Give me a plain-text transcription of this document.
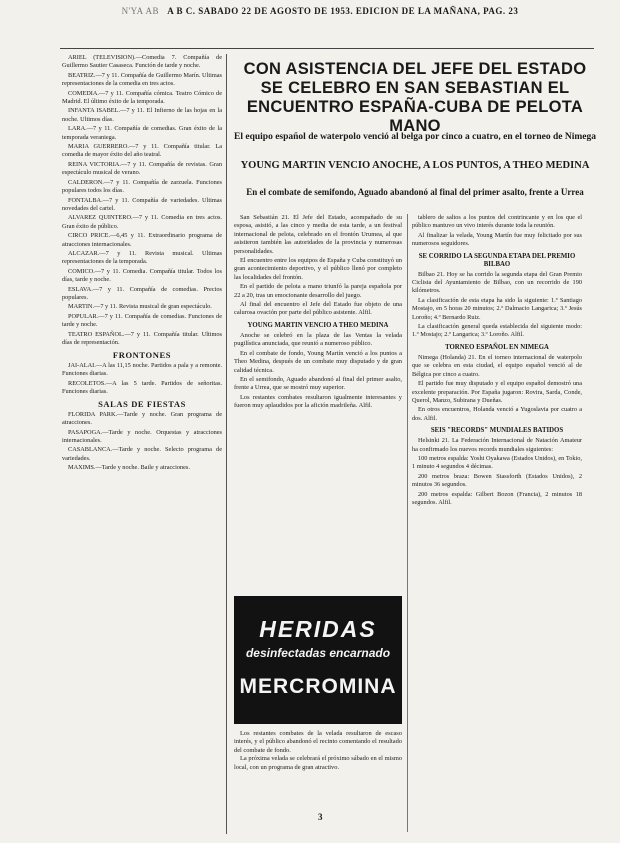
N'YA AB A B C. SABADO 22 DE AGOSTO DE 1953. EDICION DE LA MAÑANA, PAG. 23

ARIEL (TELEVISION).—Comedia 7. Compañía de Guillermo Sautier Casaseca. Función de tarde y noche.

BEATRIZ.—7 y 11. Compañía de Guillermo Marín. Ultimas representaciones de la comedia en tres actos.

COMEDIA.—7 y 11. Compañía cómica. Teatro Cómico de Madrid. El último éxito de la temporada.

INFANTA ISABEL.—7 y 11. El Infierno de las hojas en la noche. Ultimos días.

LARA.—7 y 11. Compañía de comedias. Gran éxito de la temporada veraniega.

MARIA GUERRERO.—7 y 11. Compañía titular. La comedia de mayor éxito del año teatral.

REINA VICTORIA.—7 y 11. Compañía de revistas. Gran espectáculo musical de verano.

CALDERON.—7 y 11. Compañía de zarzuela. Funciones populares todos los días.

FONTALBA.—7 y 11. Compañía de variedades. Ultimas novedades del cartel.

ALVAREZ QUINTERO.—7 y 11. Comedia en tres actos. Gran éxito de público.

CIRCO PRICE.—6,45 y 11. Extraordinario programa de atracciones internacionales.

ALCAZAR.—7 y 11. Revista musical. Ultimas representaciones de la temporada.

COMICO.—7 y 11. Comedia. Compañía titular. Todos los días, tarde y noche.

ESLAVA.—7 y 11. Compañía de comedias. Precios populares.

MARTIN.—7 y 11. Revista musical de gran espectáculo.

POPULAR.—7 y 11. Compañía de comedias. Funciones de tarde y noche.

TEATRO ESPAÑOL.—7 y 11. Compañía titular. Ultimos días de representación.

FRONTONES

JAI-ALAI.—A las 11,15 noche. Partidos a pala y a remonte. Funciones diarias.

RECOLETOS.—A las 5 tarde. Partidos de señoritas. Funciones diarias.

SALAS DE FIESTAS

FLORIDA PARK.—Tarde y noche. Gran programa de atracciones.

PASAPOGA.—Tarde y noche. Orquestas y atracciones internacionales.

CASABLANCA.—Tarde y noche. Selecto programa de variedades.

MAXIMS.—Tarde y noche. Baile y atracciones.

CON ASISTENCIA DEL JEFE DEL ESTADO SE CELEBRO EN SAN SEBASTIAN EL ENCUENTRO ESPAÑA-CUBA DE PELOTA MANO
El equipo español de waterpolo venció al belga por cinco a cuatro, en el torneo de Nimega
YOUNG MARTIN VENCIO ANOCHE, A LOS PUNTOS, A THEO MEDINA
En el combate de semifondo, Aguado abandonó al final del primer asalto, frente a Urrea

San Sebastián 21. El Jefe del Estado, acompañado de su esposa, asistió, a las cinco y media de esta tarde, a un festival internacional de pelota, celebrado en el frontón Urumea, al que asistieron también las autoridades de la provincia y numerosas personalidades.

El encuentro entre los equipos de España y Cuba constituyó un gran acontecimiento deportivo, y el público llenó por completo las localidades del frontón.

En el partido de pelota a mano triunfó la pareja española por 22 a 20, tras un emocionante desarrollo del juego.

Al final del encuentro el Jefe del Estado fue objeto de una calurosa ovación por parte del público asistente. Alfil.

YOUNG MARTIN VENCIO A THEO MEDINA

Anoche se celebró en la plaza de las Ventas la velada pugilística anunciada, que reunió a numeroso público.

En el combate de fondo, Young Martín venció a los puntos a Theo Medina, después de un combate muy disputado y de gran calidad técnica.

En el semifondo, Aguado abandonó al final del primer asalto, frente a Urrea, que se mostró muy superior.

Los restantes combates resultaron igualmente interesantes y fueron muy aplaudidos por la afición madrileña. Alfil.

tablero de saltos a los puntos del contrincante y en los que el público mantuvo un vivo interés durante toda la reunión.

Al finalizar la velada, Young Martín fue muy felicitado por sus numerosos seguidores.

SE CORRIDO LA SEGUNDA ETAPA DEL PREMIO BILBAO

Bilbao 21. Hoy se ha corrido la segunda etapa del Gran Premio Ciclista del Ayuntamiento de Bilbao, con un recorrido de 190 kilómetros.

La clasificación de esta etapa ha sido la siguiente: 1.º Santiago Mostajo, en 5 horas 20 minutos; 2.º Dalmacio Langarica; 3.º Jesús Loroño; 4.º Bernardo Ruiz.

La clasificación general queda establecida del siguiente modo: 1.º Mostajo; 2.º Langarica; 3.º Loroño. Alfil.

TORNEO ESPAÑOL EN NIMEGA

Nimega (Holanda) 21. En el torneo internacional de waterpolo que se celebra en esta ciudad, el equipo español venció al de Bélgica por cinco a cuatro.

El partido fue muy disputado y el equipo español demostró una excelente preparación. Por España jugaron: Rovira, Sarda, Conde, Querol, Manzo, Subirana y Dueñas.

En otros encuentros, Holanda venció a Yugoslavia por cuatro a dos. Alfil.

SEIS "RECORDS" MUNDIALES BATIDOS

Helsinki 21. La Federación Internacional de Natación Amateur ha confirmado los nuevos records mundiales siguientes:

100 metros espalda: Yoshi Oyakawa (Estados Unidos), en Tokio, 1 minuto 4 segundos 4 décimas.

200 metros braza: Bowen Stassforth (Estados Unidos), 2 minutos 36 segundos.

200 metros espalda: Gilbert Bozon (Francia), 2 minutos 18 segundos. Alfil.

HERIDAS
desinfectadas encarnado
MERCROMINA

Los restantes combates de la velada resultaron de escaso interés, y el público abandonó el recinto comentando el resultado del combate de fondo.

La próxima velada se celebrará el próximo sábado en el mismo local, con un programa de gran atractivo.

3
